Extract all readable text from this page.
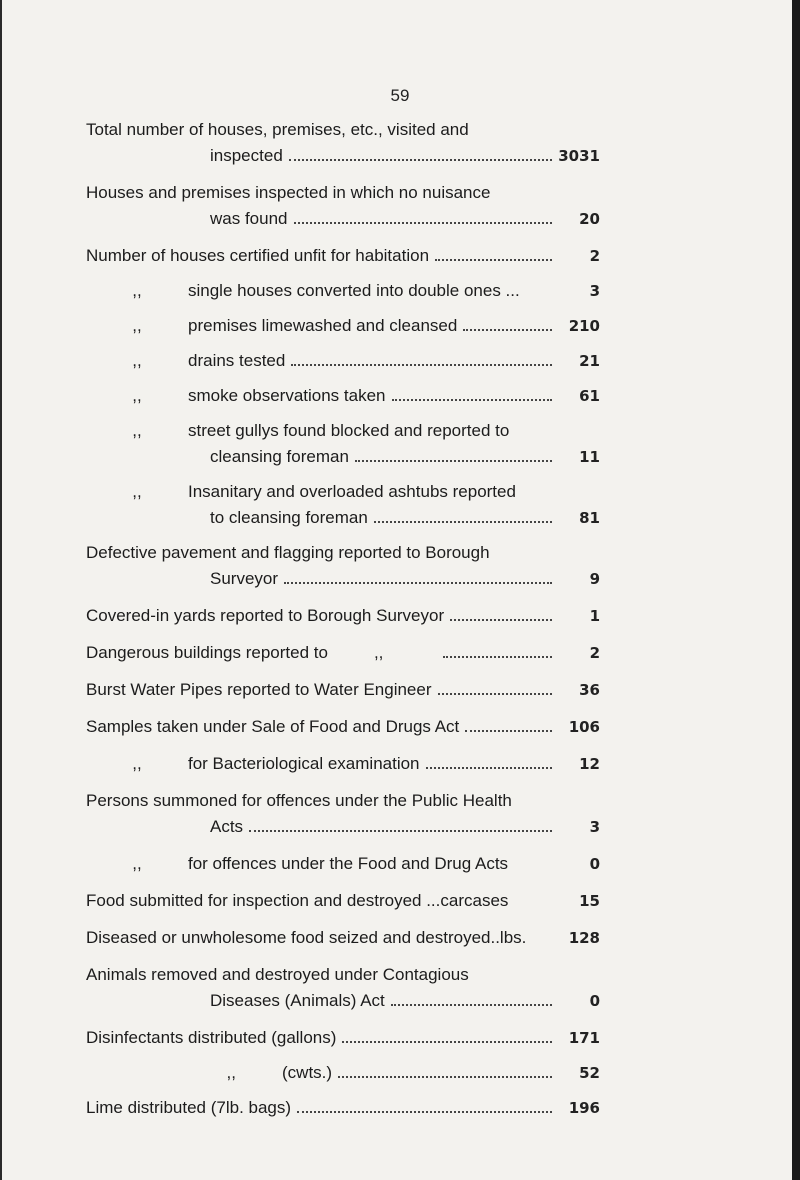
59
Total number of houses, premises, etc., visited and
inspected	3031
Houses and premises inspected in which no nuisance
was found	20
Number of houses certified unfit for habitation	2
,,	single houses converted into double ones ...	3
,,	premises limewashed and cleansed	210
,,	drains tested	21
,,	smoke observations taken	61
,,	street gullys found blocked and reported to
cleansing foreman	11
,,	Insanitary and overloaded ashtubs reported
to cleansing foreman	81
Defective pavement and flagging reported to Borough
Surveyor	9
Covered-in yards reported to Borough Surveyor	1
Dangerous buildings reported to	,,	2
Burst Water Pipes reported to Water Engineer	36
Samples taken under Sale of Food and Drugs Act	106
,,	for Bacteriological examination	12
Persons summoned for offences under the Public Health
Acts	3
,,	for offences under the Food and Drug Acts	0
Food submitted for inspection and destroyed ...carcases	15
Diseased or unwholesome food seized and destroyed..lbs.	128
Animals removed and destroyed under Contagious
Diseases (Animals) Act	0
Disinfectants distributed (gallons)	171
,,	(cwts.)	52
Lime distributed (7lb. bags)	196
